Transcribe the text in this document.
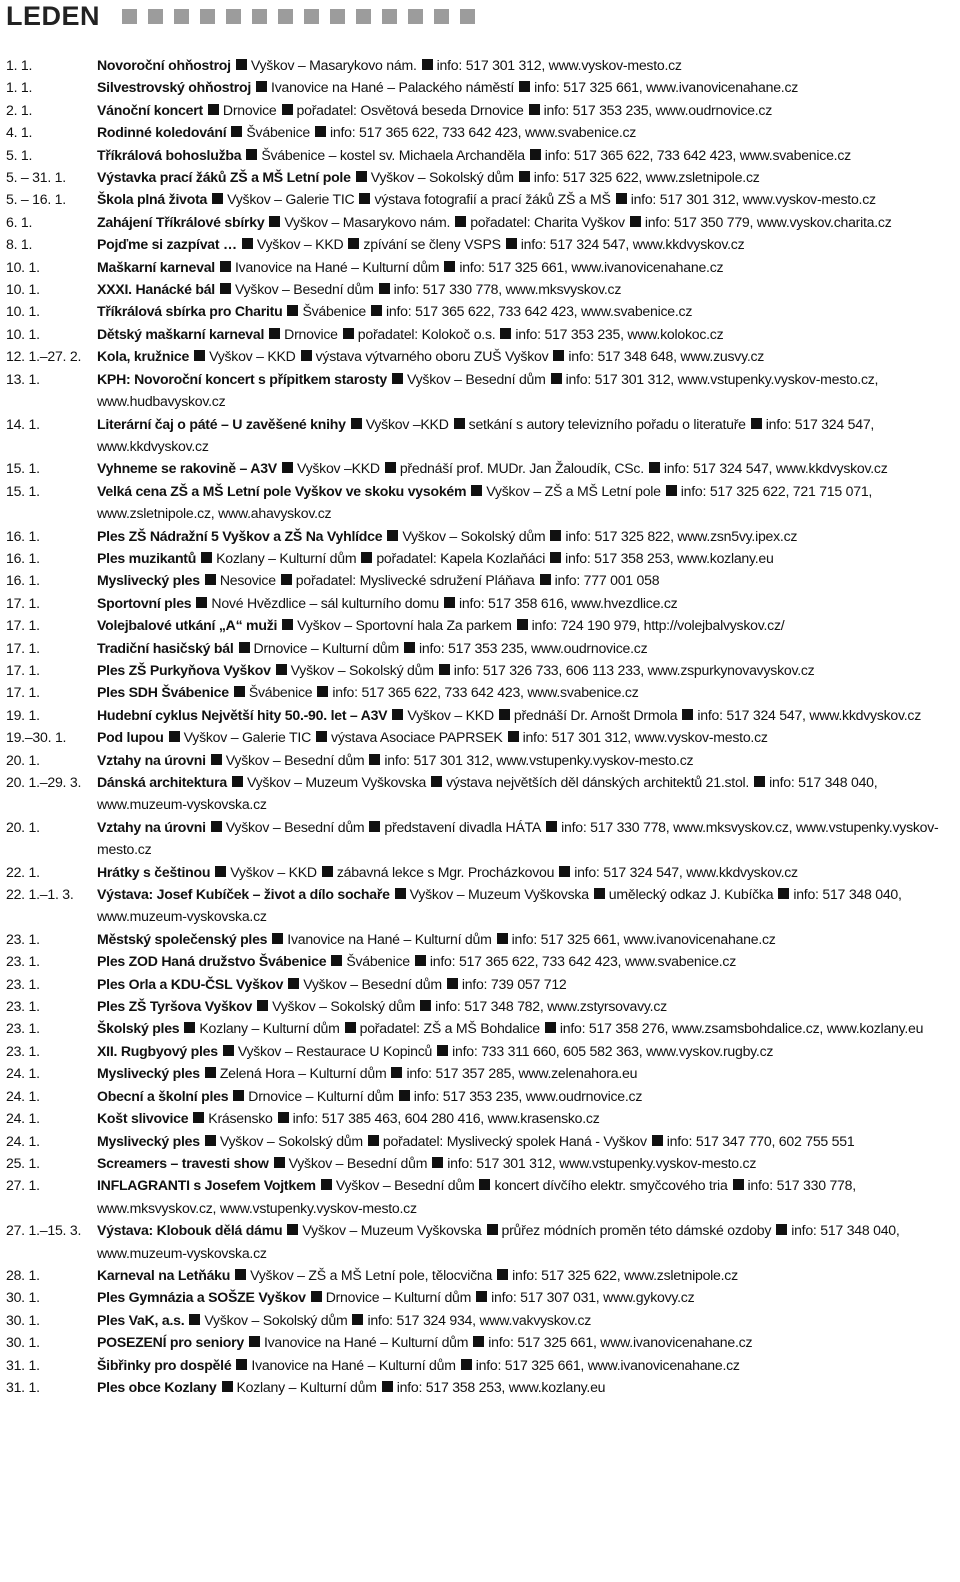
LEDEN
1. 1.	Novoroční ohňostroj Vyškov – Masarykovo nám. info: 517 301 312, www.vyskov-mesto.cz
1. 1.	Silvestrovský ohňostroj Ivanovice na Hané – Palackého náměstí info: 517 325 661, www.ivanovicenahane.cz
2. 1.	Vánoční koncert Drnovice pořadatel: Osvětová beseda Drnovice info: 517 353 235, www.oudrnovice.cz
4. 1.	Rodinné koledování Švábenice info: 517 365 622, 733 642 423, www.svabenice.cz
5. 1.	Tříkrálová bohoslužba Švábenice – kostel sv. Michaela Archanděla info: 517 365 622, 733 642 423, www.svabenice.cz
5. – 31. 1.	Výstavka prací žáků ZŠ a MŠ Letní pole Vyškov – Sokolský dům info: 517 325 622, www.zsletnipole.cz
5. – 16. 1.	Škola plná života Vyškov – Galerie TIC výstava fotografií a prací žáků ZŠ a MŠ info: 517 301 312, www.vyskov-mesto.cz
6. 1.	Zahájení Tříkrálové sbírky Vyškov – Masarykovo nám. pořadatel: Charita Vyškov info: 517 350 779, www.vyskov.charita.cz
8. 1.	Pojďme si zazpívat … Vyškov – KKD zpívání se členy VSPS info: 517 324 547, www.kkdvyskov.cz
10. 1.	Maškarní karneval Ivanovice na Hané – Kulturní dům info: 517 325 661, www.ivanovicenahane.cz
10. 1.	XXXI. Hanácké bál Vyškov – Besední dům info: 517 330 778, www.mksvyskov.cz
10. 1.	Tříkrálová sbírka pro Charitu Švábenice info: 517 365 622, 733 642 423, www.svabenice.cz
10. 1.	Dětský maškarní karneval Drnovice pořadatel: Kolokoč o.s. info: 517 353 235, www.kolokoc.cz
12. 1.–27. 2.	Kola, kružnice Vyškov – KKD výstava výtvarného oboru ZUŠ Vyškov info: 517 348 648, www.zusvy.cz
13. 1.	KPH: Novoroční koncert s přípitkem starosty Vyškov – Besední dům info: 517 301 312, www.vstupenky.vyskov-mesto.cz, www.hudbavyskov.cz
14. 1.	Literární čaj o páté – U zavěšené knihy Vyškov –KKD setkání s autory televizního pořadu o literatuře info: 517 324 547, www.kkdvyskov.cz
15. 1.	Vyhneme se rakovině – A3V Vyškov –KKD přednáší prof. MUDr. Jan Žaloudík, CSc. info: 517 324 547, www.kkdvyskov.cz
15. 1.	Velká cena ZŠ a MŠ Letní pole Vyškov ve skoku vysokém Vyškov – ZŠ a MŠ Letní pole info: 517 325 622, 721 715 071, www.zsletnipole.cz, www.ahavyskov.cz
16. 1.	Ples ZŠ Nádražní 5 Vyškov a ZŠ Na Vyhlídce Vyškov – Sokolský dům info: 517 325 822, www.zsn5vy.ipex.cz
16. 1.	Ples muzikantů Kozlany – Kulturní dům pořadatel: Kapela Kozlaňáci info: 517 358 253, www.kozlany.eu
16. 1.	Myslivecký ples Nesovice pořadatel: Myslivecké sdružení Pláňava info: 777 001 058
17. 1.	Sportovní ples Nové Hvězdlice – sál kulturního domu info: 517 358 616, www.hvezdlice.cz
17. 1.	Volejbalové utkání „A“ muži Vyškov – Sportovní hala Za parkem info: 724 190 979, http://volejbalvyskov.cz/
17. 1.	Tradiční hasičský bál Drnovice – Kulturní dům info: 517 353 235, www.oudrnovice.cz
17. 1.	Ples ZŠ Purkyňova Vyškov Vyškov – Sokolský dům info: 517 326 733, 606 113 233, www.zspurkynovavyskov.cz
17. 1.	Ples SDH Švábenice Švábenice info: 517 365 622, 733 642 423, www.svabenice.cz
19. 1.	Hudební cyklus Největší hity 50.-90. let – A3V Vyškov – KKD přednáší Dr. Arnošt Drmola info: 517 324 547, www.kkdvyskov.cz
19.–30. 1.	Pod lupou Vyškov – Galerie TIC výstava Asociace PAPRSEK info: 517 301 312, www.vyskov-mesto.cz
20. 1.	Vztahy na úrovni Vyškov – Besední dům info: 517 301 312, www.vstupenky.vyskov-mesto.cz
20. 1.–29. 3.	Dánská architektura Vyškov – Muzeum Vyškovska výstava největších děl dánských architektů 21.stol. info: 517 348 040, www.muzeum-vyskovska.cz
20. 1.	Vztahy na úrovni Vyškov – Besední dům představení divadla HÁTA info: 517 330 778, www.mksvyskov.cz, www.vstupenky.vyskov-mesto.cz
22. 1.	Hrátky s češtinou Vyškov – KKD zábavná lekce s Mgr. Procházkovou info: 517 324 547, www.kkdvyskov.cz
22. 1.–1. 3.	Výstava: Josef Kubíček – život a dílo sochaře Vyškov – Muzeum Vyškovska umělecký odkaz J. Kubíčka info: 517 348 040, www.muzeum-vyskovska.cz
23. 1.	Městský společenský ples Ivanovice na Hané – Kulturní dům info: 517 325 661, www.ivanovicenahane.cz
23. 1.	Ples ZOD Haná družstvo Švábenice Švábenice info: 517 365 622, 733 642 423, www.svabenice.cz
23. 1.	Ples Orla a KDU-ČSL Vyškov Vyškov – Besední dům info: 739 057 712
23. 1.	Ples ZŠ Tyršova Vyškov Vyškov – Sokolský dům info: 517 348 782, www.zstyrsovavy.cz
23. 1.	Školský ples Kozlany – Kulturní dům pořadatel: ZŠ a MŠ Bohdalice info: 517 358 276, www.zsamsbohdalice.cz, www.kozlany.eu
23. 1.	XII. Rugbyový ples Vyškov – Restaurace U Kopinců info: 733 311 660, 605 582 363, www.vyskov.rugby.cz
24. 1.	Myslivecký ples Zelená Hora – Kulturní dům info: 517 357 285, www.zelenahora.eu
24. 1.	Obecní a školní ples Drnovice – Kulturní dům info: 517 353 235, www.oudrnovice.cz
24. 1.	Košt slivovice Krásensko info: 517 385 463, 604 280 416, www.krasensko.cz
24. 1.	Myslivecký ples Vyškov – Sokolský dům pořadatel: Myslivecký spolek Haná - Vyškov info: 517 347 770, 602 755 551
25. 1.	Screamers – travesti show Vyškov – Besední dům info: 517 301 312, www.vstupenky.vyskov-mesto.cz
27. 1.	INFLAGRANTI s Josefem Vojtkem Vyškov – Besední dům koncert dívčího elektr. smyčcového tria info: 517 330 778, www.mksvyskov.cz, www.vstupenky.vyskov-mesto.cz
27. 1.–15. 3.	Výstava: Klobouk dělá dámu Vyškov – Muzeum Vyškovska průřez módních proměn této dámské ozdoby info: 517 348 040, www.muzeum-vyskovska.cz
28. 1.	Karneval na Letňáku Vyškov – ZŠ a MŠ Letní pole, tělocvična info: 517 325 622, www.zsletnipole.cz
30. 1.	Ples Gymnázia a SOŠZE Vyškov Drnovice – Kulturní dům info: 517 307 031, www.gykovy.cz
30. 1.	Ples VaK, a.s. Vyškov – Sokolský dům info: 517 324 934, www.vakvyskov.cz
30. 1.	POSEZENÍ pro seniory Ivanovice na Hané – Kulturní dům info: 517 325 661, www.ivanovicenahane.cz
31. 1.	Šibřinky pro dospělé Ivanovice na Hané – Kulturní dům info: 517 325 661, www.ivanovicenahane.cz
31. 1.	Ples obce Kozlany Kozlany – Kulturní dům info: 517 358 253, www.kozlany.eu
